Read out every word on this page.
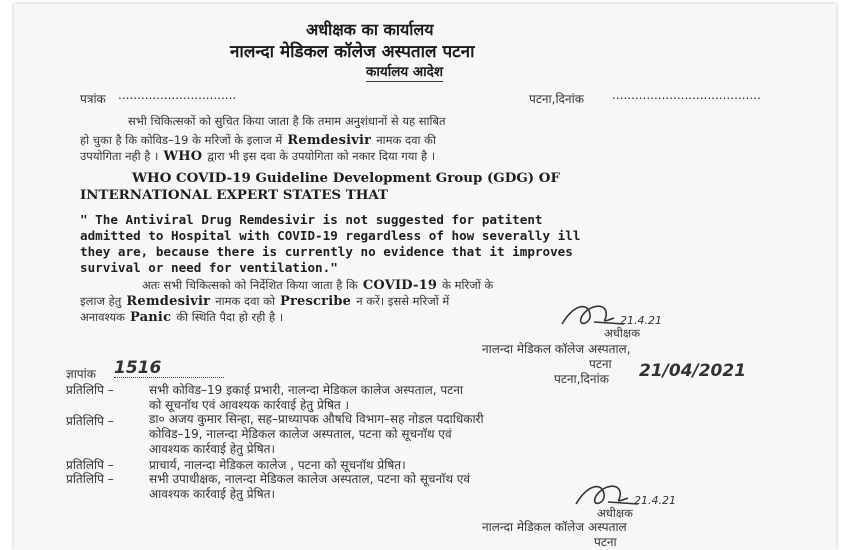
अधीक्षक का कार्यालय
नालन्दा मेडिकल कॉलेज अस्पताल पटना
कार्यालय आदेश
पत्रांक ...............................	पटना,दिनांक .......................................
सभी चिकित्सकों को सुचित किया जाता है कि तमाम अनुशंधानों से यह साबित
हो चुका है कि कोविड–19 के मरिजों के इलाज में Remdesivir नामक दवा की
उपयोगिता नही है । WHO द्वारा भी इस दवा के उपयोगिता को नकार दिया गया है ।
WHO COVID-19 Guideline Development Group (GDG) OF
INTERNATIONAL EXPERT STATES THAT
" The Antiviral Drug Remdesivir is not suggested for patitent
admitted to Hospital with COVID-19 regardless of how severally ill
they are, because there is currently no evidence that it improves
survival or need for ventilation."
अतः सभी चिकित्सको को निर्देशित किया जाता है कि COVID-19 के मरिजों के
इलाज हेतु Remdesivir नामक दवा को Prescribe न करें। इससे मरिजों में
अनावश्यक Panic की स्थिति पैदा हो रही है ।	21.4.21
अधीक्षक
नालन्दा मेडिकल कॉलेज अस्पताल,
पटना
ज्ञापांक 1516
पटना,दिनांक 21/04/2021
प्रतिलिपि –	सभी कोविड–19 इकाई प्रभारी, नालन्दा मेडिकल कालेज अस्पताल, पटना
को सूचनाॅथ एवं आवश्यक कार्रवाई हेतु प्रेषित ।
प्रतिलिपि –	डा० अजय कुमार सिन्हा, सह–प्राध्यापक औषधि विभाग–सह नोडल पदाधिकारी
कोविड–19, नालन्दा मेडिकल कालेज अस्पताल, पटना को सूचनाॅथ एवं
आवश्यक कार्रवाई हेतु प्रेषित।
प्रतिलिपि –	प्राचार्य, नालन्दा मेडिकल कालेज , पटना को सूचनाॅथ प्रेषित।
प्रतिलिपि –	सभी उपाधीक्षक, नालन्दा मेडिकल कालेज अस्पताल, पटना को सूचनाॅथ एवं
आवश्यक कार्रवाई हेतु प्रेषित।	21.4.21
अधीक्षक
नालन्दा मेडिकल कॉलेज अस्पताल
पटना
